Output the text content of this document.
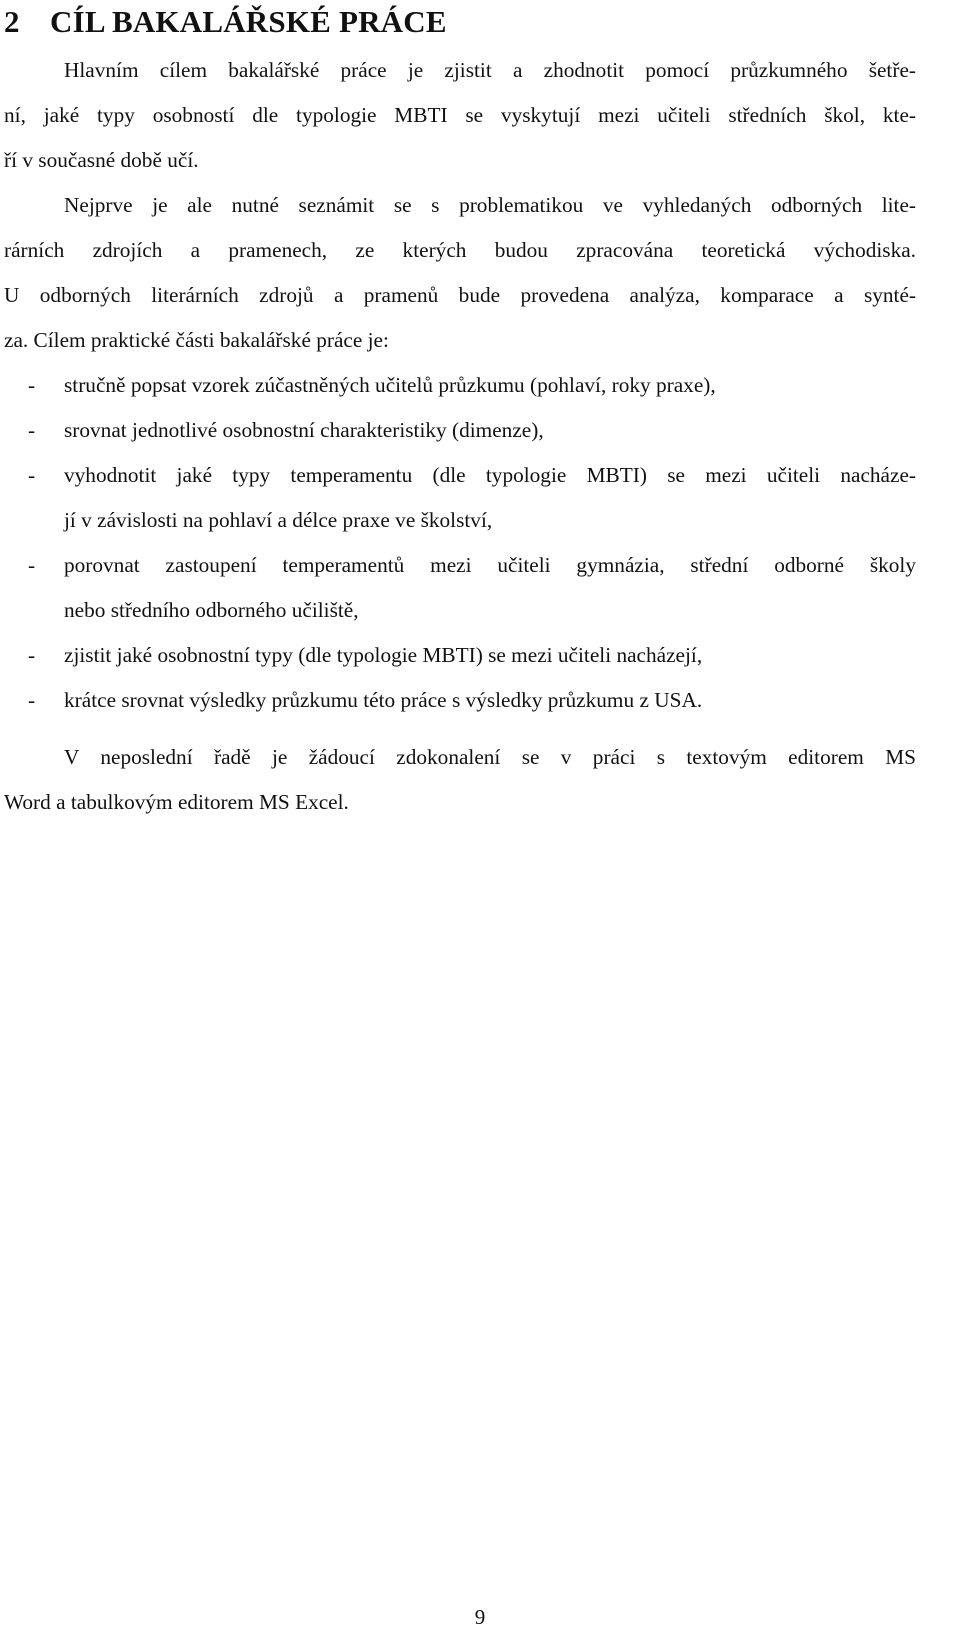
2 CÍL BAKALÁŘSKÉ PRÁCE
Hlavním cílem bakalářské práce je zjistit a zhodnotit pomocí průzkumného šetře-
ní, jaké typy osobností dle typologie MBTI se vyskytují mezi učiteli středních škol, kte-
ří v současné době učí.
Nejprve je ale nutné seznámit se s problematikou ve vyhledaných odborných lite-
rárních zdrojích a pramenech, ze kterých budou zpracována teoretická východiska.
U odborných literárních zdrojů a pramenů bude provedena analýza, komparace a synté-
za. Cílem praktické části bakalářské práce je:
- stručně popsat vzorek zúčastněných učitelů průzkumu (pohlaví, roky praxe),
- srovnat jednotlivé osobnostní charakteristiky (dimenze),
- vyhodnotit jaké typy temperamentu (dle typologie MBTI) se mezi učiteli nacháze-
jí v závislosti na pohlaví a délce praxe ve školství,
- porovnat zastoupení temperamentů mezi učiteli gymnázia, střední odborné školy
nebo středního odborného učiliště,
- zjistit jaké osobnostní typy (dle typologie MBTI) se mezi učiteli nacházejí,
- krátce srovnat výsledky průzkumu této práce s výsledky průzkumu z USA.
V neposlední řadě je žádoucí zdokonalení se v práci s textovým editorem MS
Word a tabulkovým editorem MS Excel.
9
